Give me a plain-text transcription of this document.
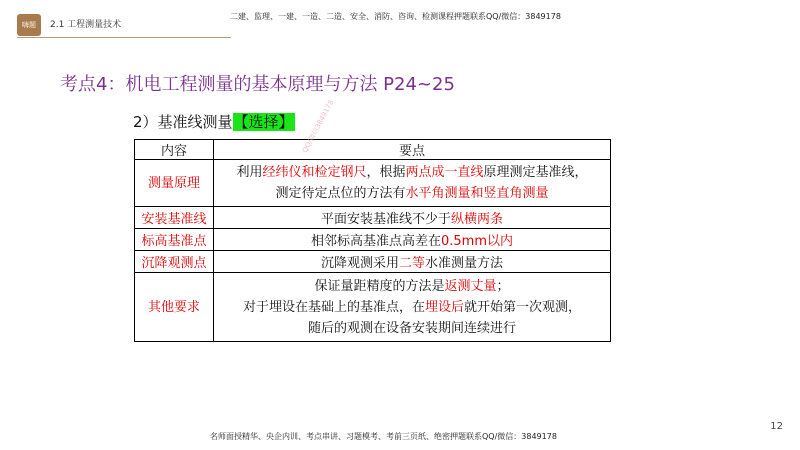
嗨题	2.1 工程测量技术
二建、监理、一建、一造、二造、安全、消防、咨询、检测课程押题联系QQ/微信：3849178
考点4：机电工程测量的基本原理与方法 P24~25
2）基准线测量【选择】
内容	要点
测量原理	利用经纬仪和检定钢尺，根据两点成一直线原理测定基准线，
测定待定点位的方法有水平角测量和竖直角测量

安装基准线	平面安装基准线不少于纵横两条

标高基准点	相邻标高基准点高差在0.5mm以内

沉降观测点	沉降观测采用二等水准测量方法

其他要求	保证量距精度的方法是返测丈量；
对于埋设在基础上的基准点，在埋设后就开始第一次观测，
随后的观测在设备安装期间连续进行
QQ/微信3849178
12
名师面授精华、央企内训、考点串讲、习题模考、考前三页纸、绝密押题联系QQ/微信：3849178
